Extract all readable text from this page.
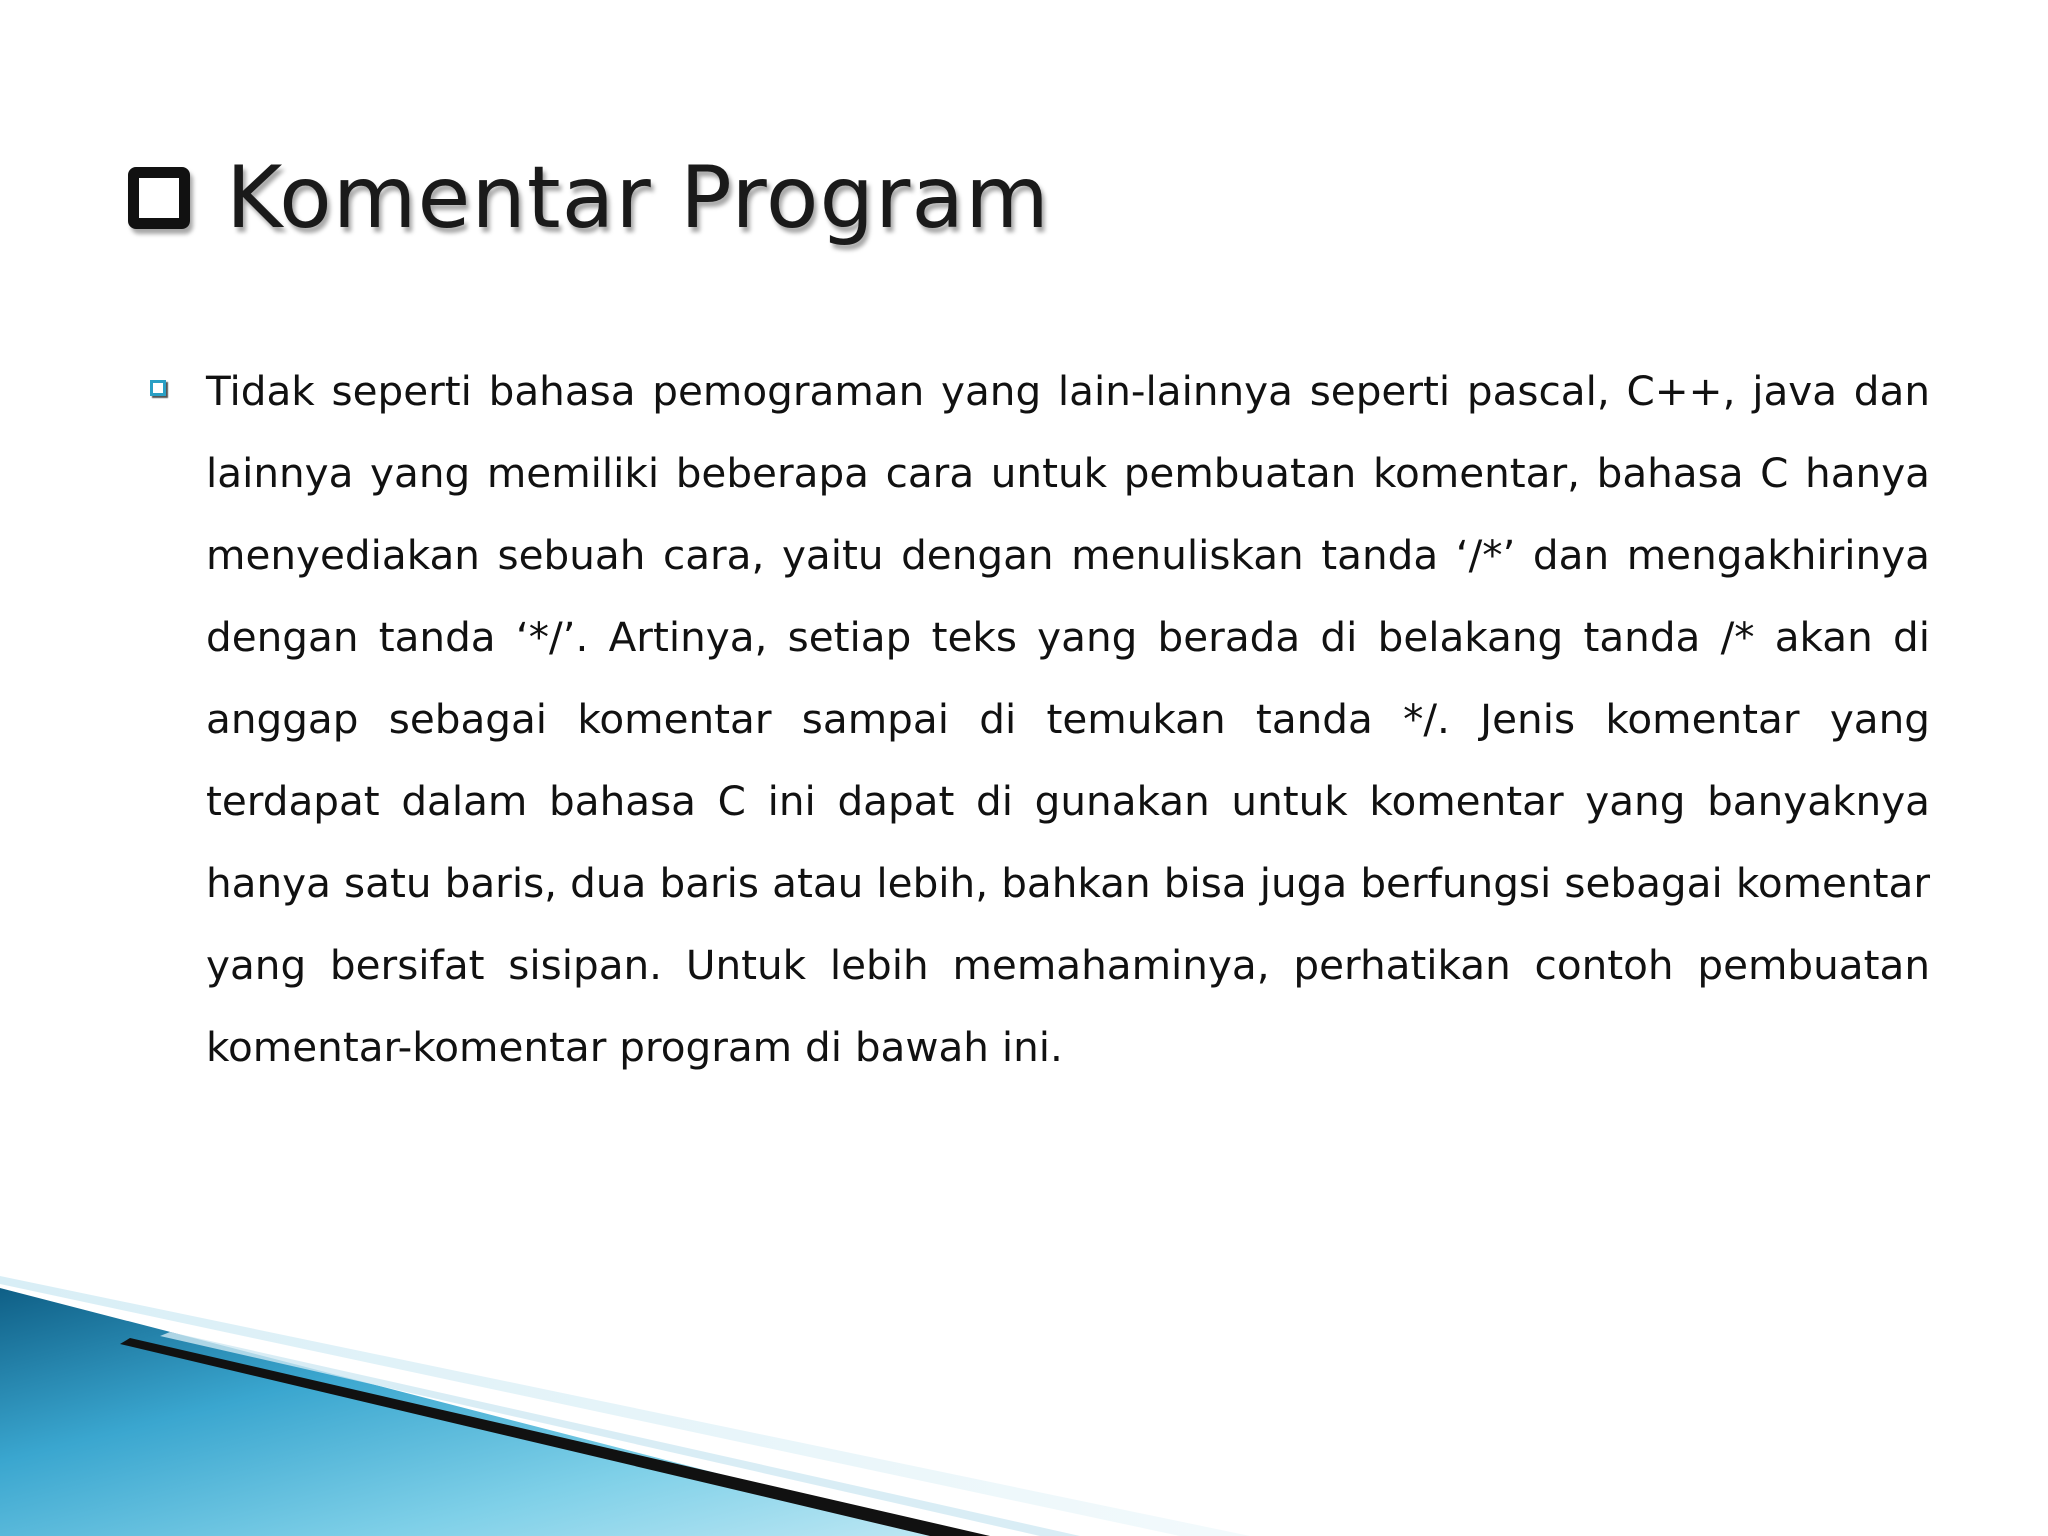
Komentar Program
Tidak seperti bahasa pemograman yang lain-lainnya seperti pascal, C++, java dan lainnya yang memiliki beberapa cara untuk pembuatan komentar, bahasa C hanya menyediakan sebuah cara, yaitu dengan menuliskan tanda ‘/*’ dan mengakhirinya dengan tanda ‘*/’. Artinya, setiap teks yang berada di belakang tanda /* akan di anggap sebagai komentar sampai di temukan tanda */. Jenis komentar yang terdapat dalam bahasa C ini dapat di gunakan untuk komentar yang banyaknya hanya satu baris, dua baris atau lebih, bahkan bisa juga berfungsi sebagai komentar yang bersifat sisipan. Untuk lebih memahaminya, perhatikan contoh pembuatan komentar-komentar program di bawah ini.
